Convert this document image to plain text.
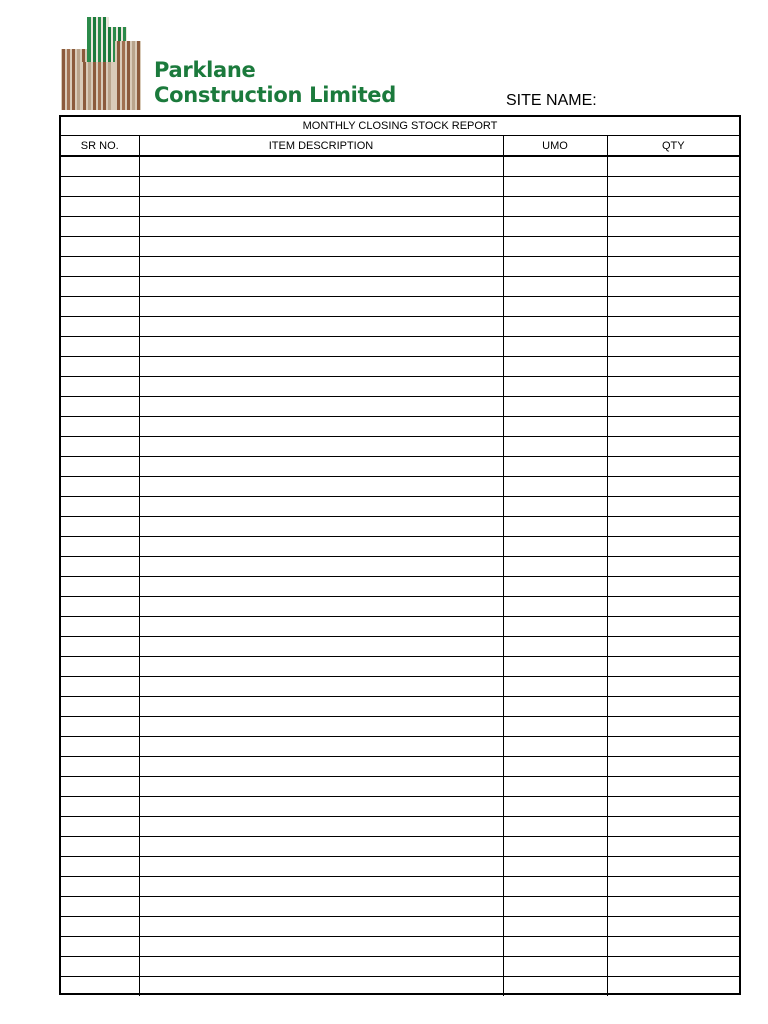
Parklane
Construction Limited	SITE NAME:
MONTHLY CLOSING STOCK REPORT
SR NO.	ITEM DESCRIPTION	UMO	QTY
